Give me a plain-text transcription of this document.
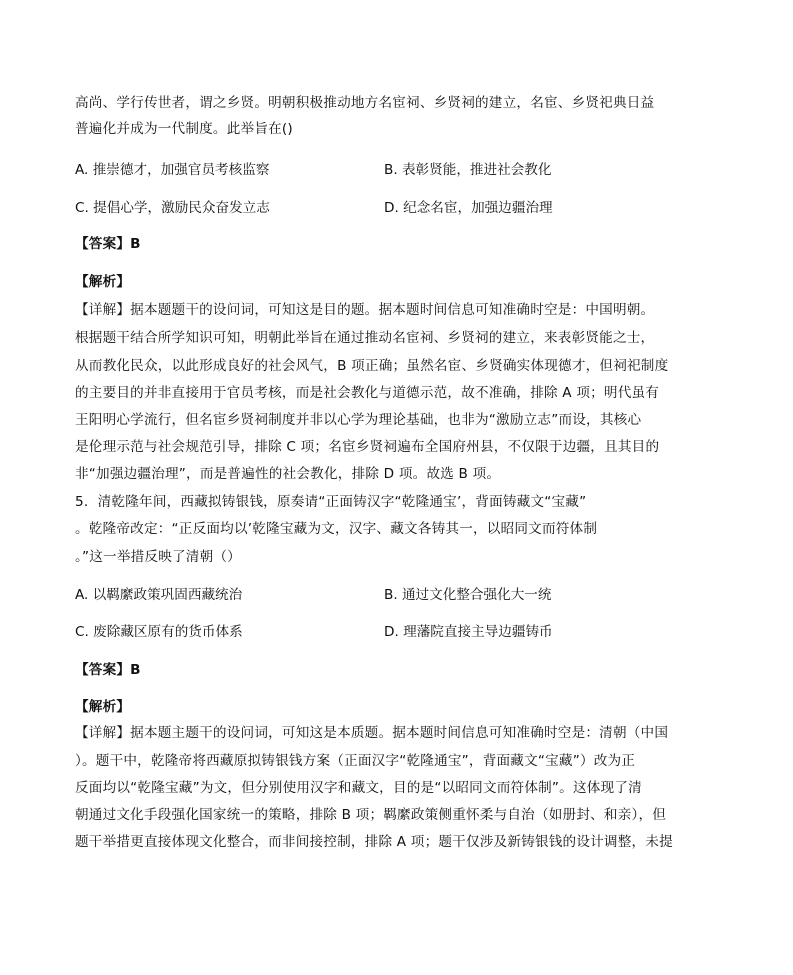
高尚、学行传世者，谓之乡贤。明朝积极推动地方名宦祠、乡贤祠的建立，名宦、乡贤祀典日益
普遍化并成为一代制度。此举旨在()
A. 推崇德才，加强官员考核监察	B. 表彰贤能，推进社会教化
C. 提倡心学，激励民众奋发立志	D. 纪念名宦，加强边疆治理
【答案】B
【解析】
【详解】据本题题干的设问词，可知这是目的题。据本题时间信息可知准确时空是：中国明朝。
根据题干结合所学知识可知，明朝此举旨在通过推动名宦祠、乡贤祠的建立，来表彰贤能之士，
从而教化民众，以此形成良好的社会风气，B 项正确；虽然名宦、乡贤确实体现德才，但祠祀制度
的主要目的并非直接用于官员考核，而是社会教化与道德示范，故不准确，排除 A 项；明代虽有
王阳明心学流行，但名宦乡贤祠制度并非以心学为理论基础，也非为“激励立志”而设，其核心
是伦理示范与社会规范引导，排除 C 项；名宦乡贤祠遍布全国府州县，不仅限于边疆，且其目的
非“加强边疆治理”，而是普遍性的社会教化，排除 D 项。故选 B 项。
5．清乾隆年间，西藏拟铸银钱，原奏请“正面铸汉字“乾隆通宝’，背面铸藏文“宝藏”
。乾隆帝改定：“正反面均以’乾隆宝藏为文，汉字、藏文各铸其一，以昭同文而符体制
。”这一举措反映了清朝（）
A. 以羁縻政策巩固西藏统治	B. 通过文化整合强化大一统
C. 废除藏区原有的货币体系	D. 理藩院直接主导边疆铸币
【答案】B
【解析】
【详解】据本题主题干的设问词，可知这是本质题。据本题时间信息可知准确时空是：清朝（中国
）。题干中，乾隆帝将西藏原拟铸银钱方案（正面汉字“乾隆通宝”，背面藏文“宝藏”）改为正
反面均以“乾隆宝藏”为文，但分别使用汉字和藏文，目的是“以昭同文而符体制”。这体现了清
朝通过文化手段强化国家统一的策略，排除 B 项；羁縻政策侧重怀柔与自治（如册封、和亲），但
题干举措更直接体现文化整合，而非间接控制，排除 A 项；题干仅涉及新铸银钱的设计调整，未提
